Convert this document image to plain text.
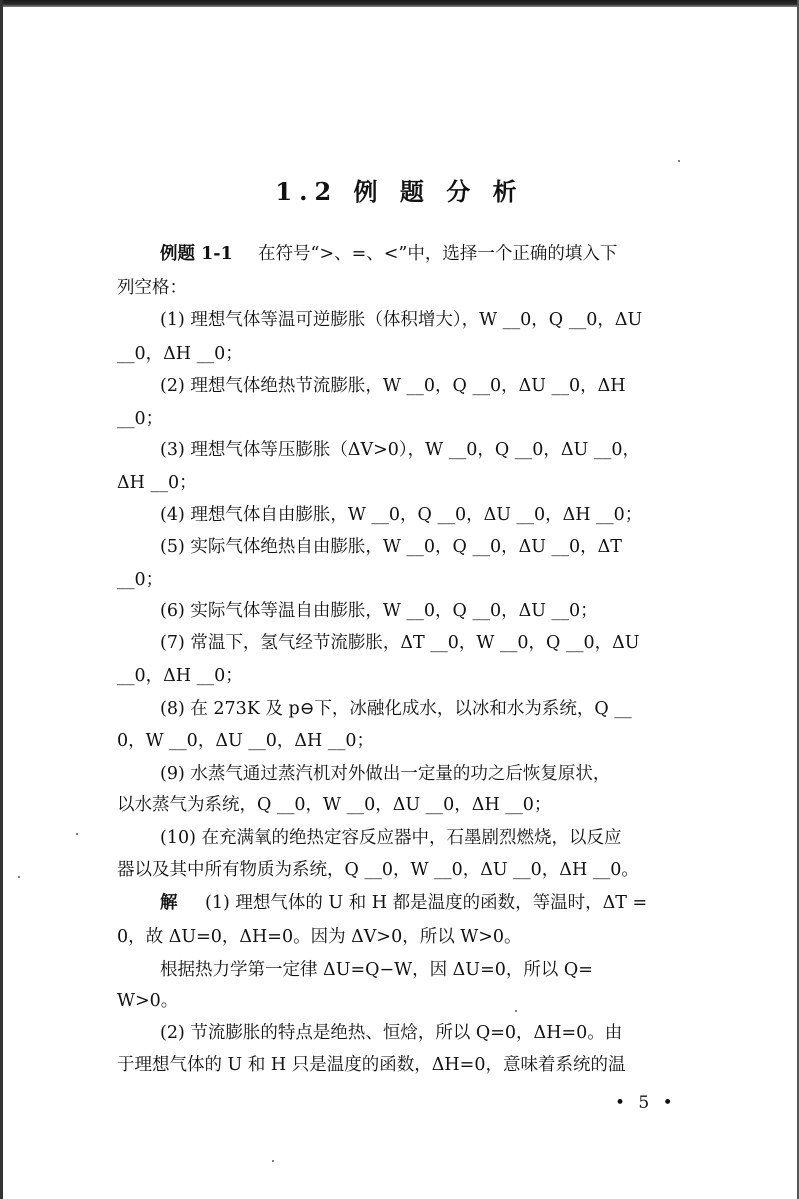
1.2 例 题 分 析
例题 1-1 在符号“>、=、<”中，选择一个正确的填入下
列空格：
(1) 理想气体等温可逆膨胀（体积增大），W __0，Q __0，ΔU
__0，ΔH __0；
(2) 理想气体绝热节流膨胀，W __0，Q __0，ΔU __0，ΔH
__0；
(3) 理想气体等压膨胀（ΔV>0），W __0，Q __0，ΔU __0，
ΔH __0；
(4) 理想气体自由膨胀，W __0，Q __0，ΔU __0，ΔH __0；
(5) 实际气体绝热自由膨胀，W __0，Q __0，ΔU __0，ΔT
__0；
(6) 实际气体等温自由膨胀，W __0，Q __0，ΔU __0；
(7) 常温下，氢气经节流膨胀，ΔT __0，W __0，Q __0，ΔU
__0，ΔH __0；
(8) 在 273K 及 p⊖下，冰融化成水，以冰和水为系统，Q __
0，W __0，ΔU __0，ΔH __0；
(9) 水蒸气通过蒸汽机对外做出一定量的功之后恢复原状，
以水蒸气为系统，Q __0，W __0，ΔU __0，ΔH __0；
(10) 在充满氧的绝热定容反应器中，石墨剧烈燃烧，以反应
器以及其中所有物质为系统，Q __0，W __0，ΔU __0，ΔH __0。
解 (1) 理想气体的 U 和 H 都是温度的函数，等温时，ΔT =
0，故 ΔU=0，ΔH=0。因为 ΔV>0，所以 W>0。
根据热力学第一定律 ΔU=Q−W，因 ΔU=0，所以 Q=
W>0。
(2) 节流膨胀的特点是绝热、恒焓，所以 Q=0，ΔH=0。由
于理想气体的 U 和 H 只是温度的函数，ΔH=0，意味着系统的温
• 5 •
